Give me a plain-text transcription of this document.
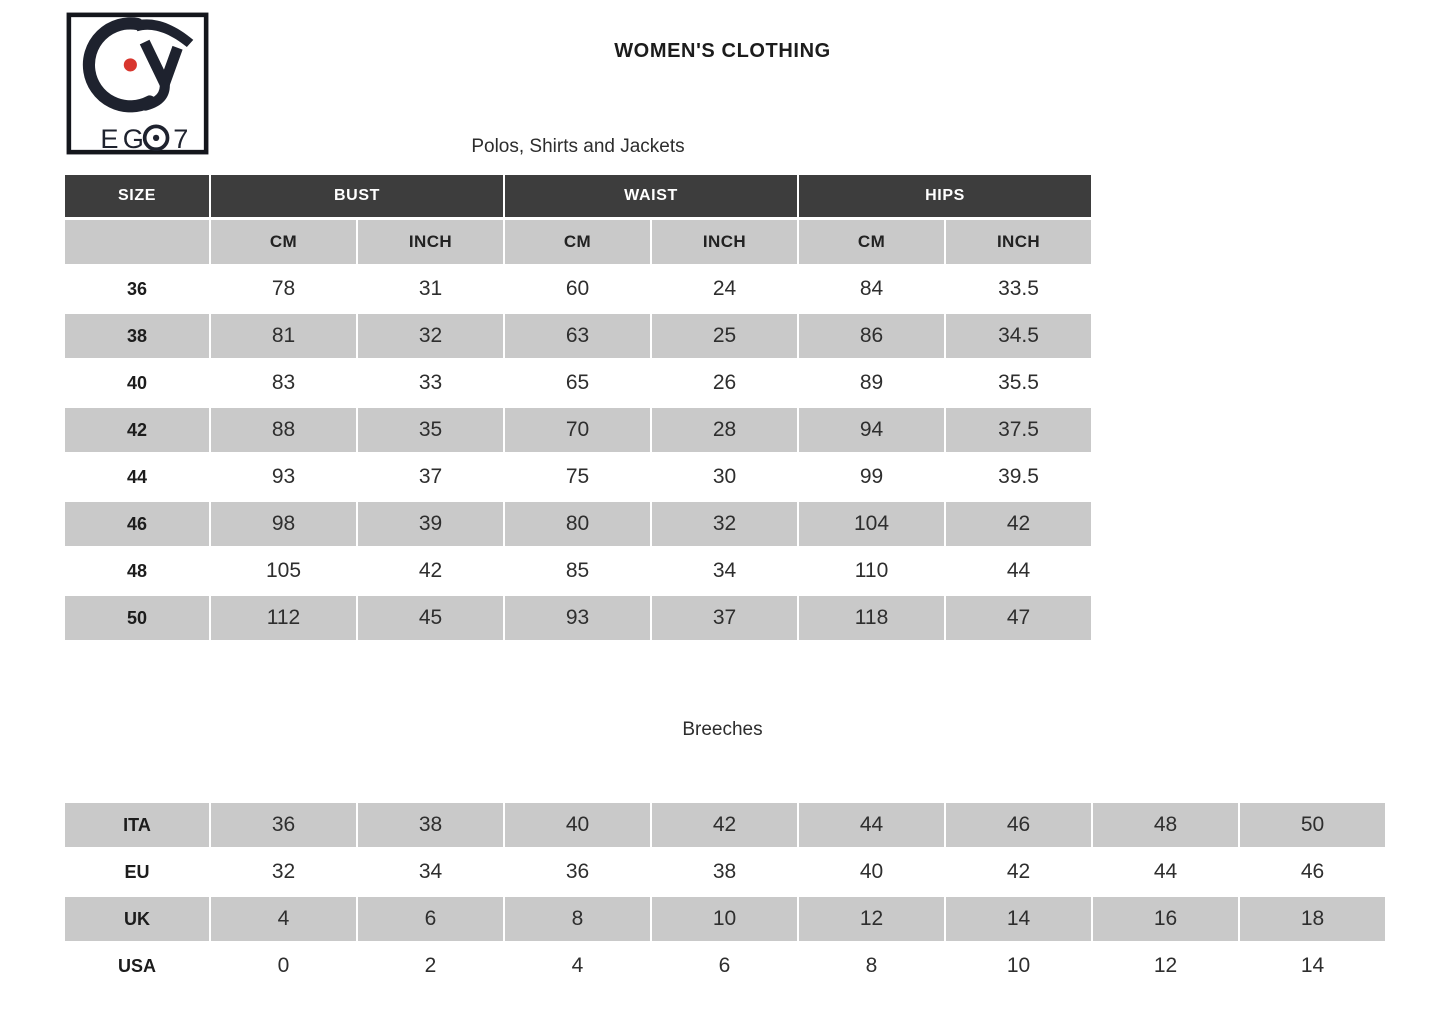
EG 7
WOMEN'S CLOTHING
Polos, Shirts and Jackets
Breeches
SIZE	BUST		WAIST		HIPS	
	CM	INCH	CM	INCH	CM	INCH
36	78	31	60	24	84	33.5
38	81	32	63	25	86	34.5
40	83	33	65	26	89	35.5
42	88	35	70	28	94	37.5
44	93	37	75	30	99	39.5
46	98	39	80	32	104	42
48	105	42	85	34	110	44
50	112	45	93	37	118	47
ITA	36	38	40	42	44	46	48	50
EU	32	34	36	38	40	42	44	46
UK	4	6	8	10	12	14	16	18
USA	0	2	4	6	8	10	12	14
